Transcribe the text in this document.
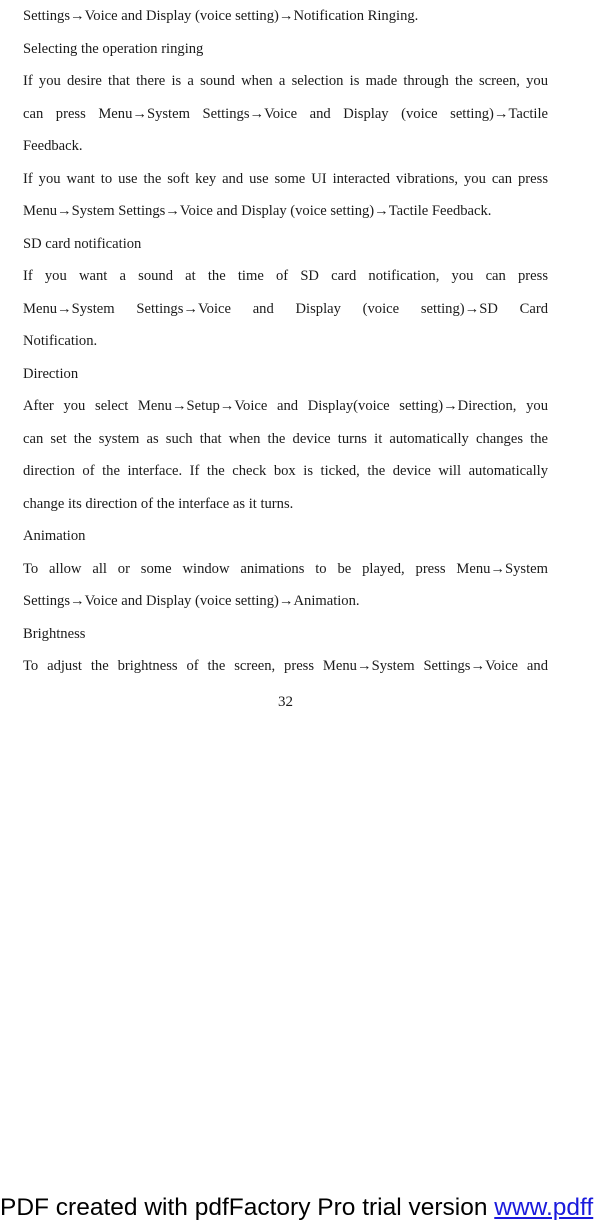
Settings→Voice and Display (voice setting)→Notification Ringing.
Selecting the operation ringing
If you desire that there is a sound when a selection is made through the screen, you
can press Menu→System Settings→Voice and Display (voice setting)→Tactile
Feedback.
If you want to use the soft key and use some UI interacted vibrations, you can press
Menu→System Settings→Voice and Display (voice setting)→Tactile Feedback.
SD card notification
If you want a sound at the time of SD card notification, you can press
Menu→System Settings→Voice and Display (voice setting)→SD Card
Notification.
Direction
After you select Menu→Setup→Voice and Display(voice setting)→Direction, you
can set the system as such that when the device turns it automatically changes the
direction of the interface. If the check box is ticked, the device will automatically
change its direction of the interface as it turns.
Animation
To allow all or some window animations to be played, press Menu→System
Settings→Voice and Display (voice setting)→Animation.
Brightness
To adjust the brightness of the screen, press Menu→System Settings→Voice and
32
PDF created with pdfFactory Pro trial version www.pdff
